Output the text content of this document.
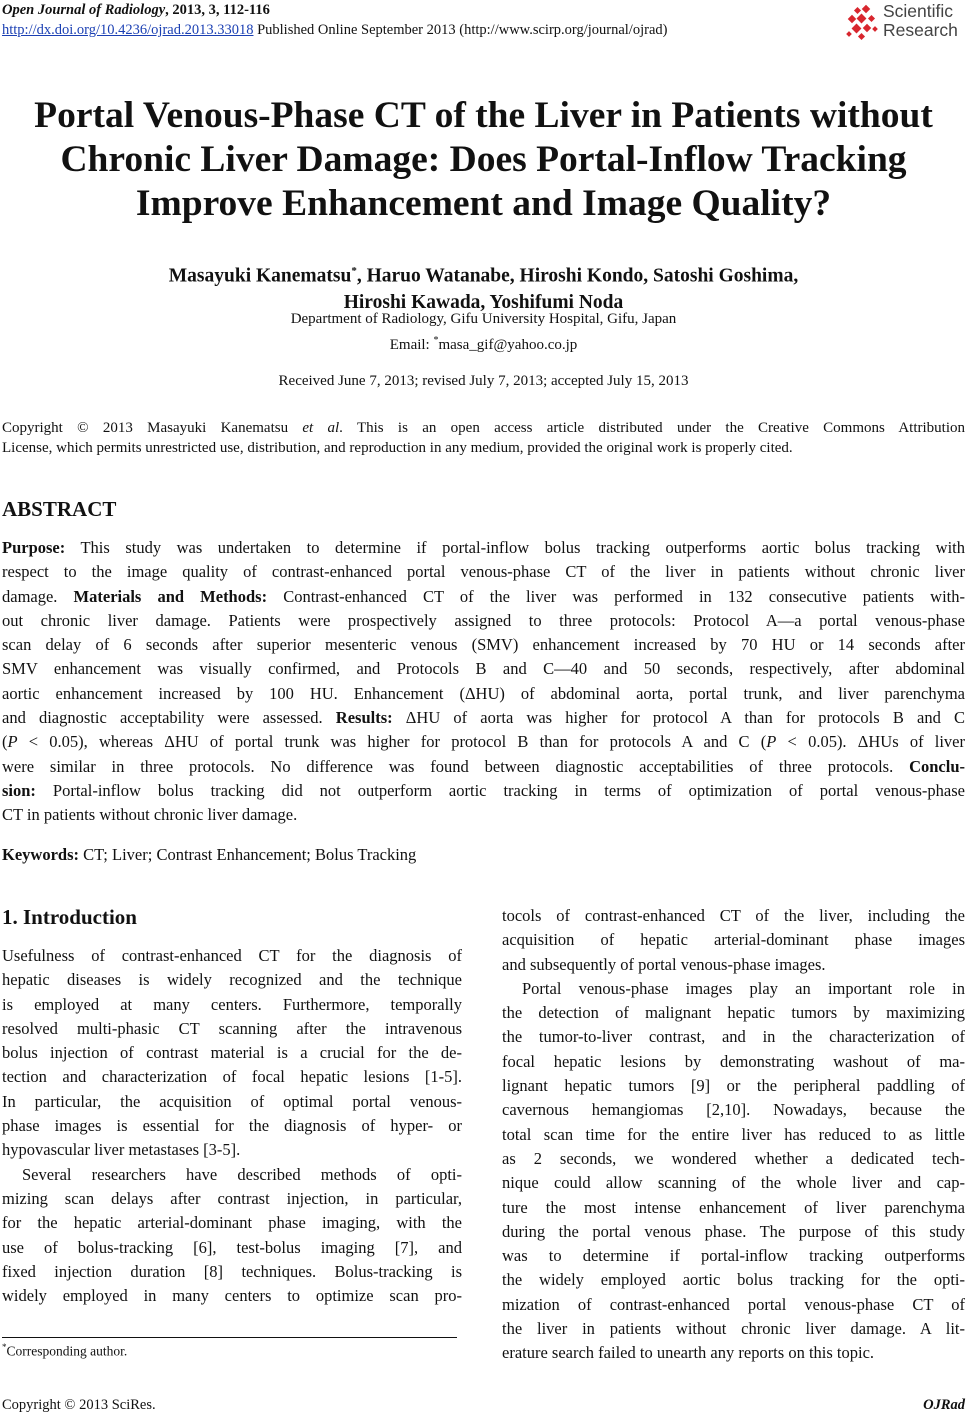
Open Journal of Radiology, 2013, 3, 112-116
http://dx.doi.org/10.4236/ojrad.2013.33018 Published Online September 2013 (http://www.scirp.org/journal/ojrad)
Scientific
Research
Portal Venous-Phase CT of the Liver in Patients without
Chronic Liver Damage: Does Portal-Inflow Tracking
Improve Enhancement and Image Quality?
Masayuki Kanematsu*, Haruo Watanabe, Hiroshi Kondo, Satoshi Goshima,
Hiroshi Kawada, Yoshifumi Noda
Department of Radiology, Gifu University Hospital, Gifu, Japan
Email: *masa_gif@yahoo.co.jp
Received June 7, 2013; revised July 7, 2013; accepted July 15, 2013
Copyright © 2013 Masayuki Kanematsu et al. This is an open access article distributed under the Creative Commons Attribution
License, which permits unrestricted use, distribution, and reproduction in any medium, provided the original work is properly cited.
ABSTRACT
Purpose: This study was undertaken to determine if portal-inflow bolus tracking outperforms aortic bolus tracking with
respect to the image quality of contrast-enhanced portal venous-phase CT of the liver in patients without chronic liver
damage. Materials and Methods: Contrast-enhanced CT of the liver was performed in 132 consecutive patients with-
out chronic liver damage. Patients were prospectively assigned to three protocols: Protocol A—a portal venous-phase
scan delay of 6 seconds after superior mesenteric venous (SMV) enhancement increased by 70 HU or 14 seconds after
SMV enhancement was visually confirmed, and Protocols B and C—40 and 50 seconds, respectively, after abdominal
aortic enhancement increased by 100 HU. Enhancement (ΔHU) of abdominal aorta, portal trunk, and liver parenchyma
and diagnostic acceptability were assessed. Results: ΔHU of aorta was higher for protocol A than for protocols B and C
(P < 0.05), whereas ΔHU of portal trunk was higher for protocol B than for protocols A and C (P < 0.05). ΔHUs of liver
were similar in three protocols. No difference was found between diagnostic acceptabilities of three protocols. Conclu-
sion: Portal-inflow bolus tracking did not outperform aortic tracking in terms of optimization of portal venous-phase
CT in patients without chronic liver damage.
Keywords: CT; Liver; Contrast Enhancement; Bolus Tracking
1. Introduction
Usefulness of contrast-enhanced CT for the diagnosis of
hepatic diseases is widely recognized and the technique
is employed at many centers. Furthermore, temporally
resolved multi-phasic CT scanning after the intravenous
bolus injection of contrast material is a crucial for the de-
tection and characterization of focal hepatic lesions [1-5].
In particular, the acquisition of optimal portal venous-
phase images is essential for the diagnosis of hyper- or
hypovascular liver metastases [3-5].
Several researchers have described methods of opti-
mizing scan delays after contrast injection, in particular,
for the hepatic arterial-dominant phase imaging, with the
use of bolus-tracking [6], test-bolus imaging [7], and
fixed injection duration [8] techniques. Bolus-tracking is
widely employed in many centers to optimize scan pro-
tocols of contrast-enhanced CT of the liver, including the
acquisition of hepatic arterial-dominant phase images
and subsequently of portal venous-phase images.
Portal venous-phase images play an important role in
the detection of malignant hepatic tumors by maximizing
the tumor-to-liver contrast, and in the characterization of
focal hepatic lesions by demonstrating washout of ma-
lignant hepatic tumors [9] or the peripheral paddling of
cavernous hemangiomas [2,10]. Nowadays, because the
total scan time for the entire liver has reduced to as little
as 2 seconds, we wondered whether a dedicated tech-
nique could allow scanning of the whole liver and cap-
ture the most intense enhancement of liver parenchyma
during the portal venous phase. The purpose of this study
was to determine if portal-inflow tracking outperforms
the widely employed aortic bolus tracking for the opti-
mization of contrast-enhanced portal venous-phase CT of
the liver in patients without chronic liver damage. A lit-
erature search failed to unearth any reports on this topic.
*Corresponding author.
Copyright © 2013 SciRes.	OJRad
